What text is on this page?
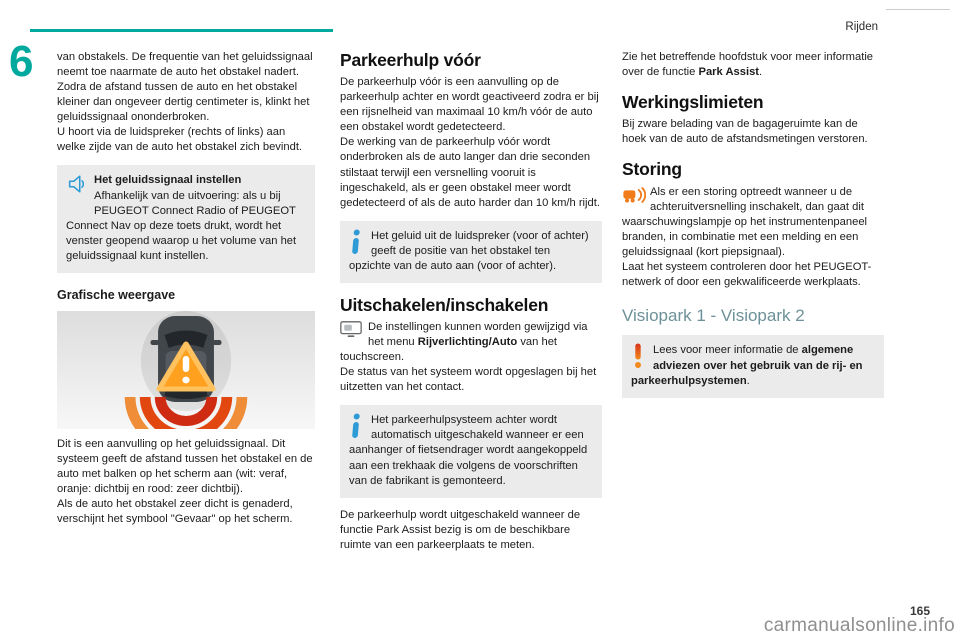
Rijden
6 van obstakels. De frequentie van het geluidssignaal neemt toe naarmate de auto het obstakel nadert.

Zodra de afstand tussen de auto en het obstakel kleiner dan ongeveer dertig centimeter is, klinkt het geluidssignaal ononderbroken.

U hoort via de luidspreker (rechts of links) aan welke zijde van de auto het obstakel zich bevindt.

Het geluidssignaal instellen
Afhankelijk van de uitvoering: als u bij PEUGEOT Connect Radio of PEUGEOT Connect Nav op deze toets drukt, wordt het venster geopend waarop u het volume van het geluidssignaal kunt instellen.
Grafische weergave

Dit is een aanvulling op het geluidssignaal. Dit systeem geeft de afstand tussen het obstakel en de auto met balken op het scherm aan (wit: veraf, oranje: dichtbij en rood: zeer dichtbij).

Als de auto het obstakel zeer dicht is genaderd, verschijnt het symbool "Gevaar" op het scherm.

Parkeerhulp vóór

De parkeerhulp vóór is een aanvulling op de parkeerhulp achter en wordt geactiveerd zodra er bij een rijsnelheid van maximaal 10 km/h vóór de auto een obstakel wordt gedetecteerd.

De werking van de parkeerhulp vóór wordt onderbroken als de auto langer dan drie seconden stilstaat terwijl een versnelling vooruit is ingeschakeld, als er geen obstakel meer wordt gedetecteerd of als de auto harder dan 10 km/h rijdt.

Het geluid uit de luidspreker (voor of achter) geeft de positie van het obstakel ten opzichte van de auto aan (voor of achter).
Uitschakelen/inschakelen
De instellingen kunnen worden gewijzigd via het menu Rijverlichting/Auto van het touchscreen.

De status van het systeem wordt opgeslagen bij het uitzetten van het contact.

Het parkeerhulpsysteem achter wordt automatisch uitgeschakeld wanneer er een aanhanger of fietsendrager wordt aangekoppeld aan een trekhaak die volgens de voorschriften van de fabrikant is gemonteerd.

De parkeerhulp wordt uitgeschakeld wanneer de functie Park Assist bezig is om de beschikbare ruimte van een parkeerplaats te meten.

Zie het betreffende hoofdstuk voor meer informatie over de functie Park Assist.

Werkingslimieten

Bij zware belading van de bagageruimte kan de hoek van de auto de afstandsmetingen verstoren.

Storing
Als er een storing optreedt wanneer u de achteruitversnelling inschakelt, dan gaat dit waarschuwingslampje op het instrumentenpaneel branden, in combinatie met een melding en een geluidssignaal (kort piepsignaal).

Laat het systeem controleren door het PEUGEOT-netwerk of door een gekwalificeerde werkplaats.

Visiopark 1 - Visiopark 2
Lees voor meer informatie de algemene adviezen over het gebruik van de rij- en parkeerhulpsystemen.
165
carmanualsonline.info
